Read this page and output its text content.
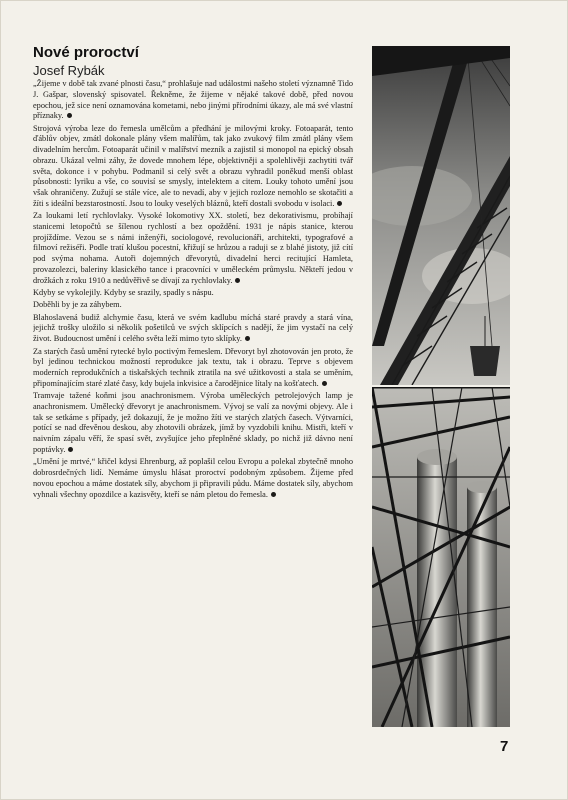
Nové proroctví

Josef Rybák

„Žijeme v době tak zvané plnosti času,“ prohlašuje nad událostmi našeho století významně Tido J. Gašpar, slovenský spisovatel. Řekněme, že žijeme v nějaké takové době, před novou epochou, jež sice není oznamována kometami, nebo jinými přírodními úkazy, ale má své vlastní příznaky.

Strojová výroba leze do řemesla umělcům a předhání je milovými kroky. Fotoaparát, tento ďáblův objev, zmátl dokonale plány všem malířům, tak jako zvukový film zmátl plány všem divadelním hercům. Fotoaparát učinil v malířství mezník a zajistil si monopol na epický obsah obrazu. Ukázal velmi záhy, že dovede mnohem lépe, objektivněji a spolehlivěji zachytiti tvář světa, dokonce i v pohybu. Podmanil si celý svět a obrazu vyhradil poněkud menší oblast působnosti: lyriku a vše, co souvisí se smysly, intelektem a citem. Louky tohoto umění jsou však ohraničeny. Zužují se stále více, ale to nevadí, aby v jejich rozloze nemohlo se skotačiti a žíti s ideální bezstarostností. Jsou to louky veselých bláznů, kteří dostali svobodu v isolaci.

Za loukami letí rychlovlaky. Vysoké lokomotivy XX. století, bez dekorativismu, probíhají stanicemi letopočtů se šílenou rychlostí a bez opoždění. 1931 je nápis stanice, kterou projíždíme. Vezou se s námi inženýři, sociologové, revolucionáři, architekti, typografové a filmoví režiséři. Podle tratí klušou pocestní, křižují se hrůzou a raduji se z blahé jistoty, již cítí pod svýma nohama. Autoři dojemných dřevorytů, divadelní herci recitující Hamleta, provazolezci, baleriny klasického tance i pracovníci v uměleckém průmyslu. Někteří jedou v drožkách z roku 1910 a nedůvěřivě se dívají za rychlovlaky.

Kdyby se vykolejily. Kdyby se srazily, spadly s náspu.

Doběhli by je za záhybem.

Blahoslavená budiž alchymie času, která ve svém kadlubu míchá staré pravdy a stará vína, jejichž trošky uložilo si několik pošetilců ve svých sklípcích s nadějí, že jim vystačí na celý život. Budoucnost umění i celého světa leží mimo tyto sklípky.

Za starých časů umění rytecké bylo poctivým řemeslem. Dřevoryt byl zhotovován jen proto, že byl jedinou technickou možností reprodukce jak textu, tak i obrazu. Teprve s objevem moderních reprodukčních a tiskařských technik ztratila na své užitkovosti a stala se uměním, připomínajícím staré zlaté časy, kdy bujela inkvisice a čarodějnice lítaly na košťatech.

Tramvaje tažené koňmi jsou anachronismem. Výroba uměleckých petrolejových lamp je anachronismem. Umělecký dřevoryt je anachronismem. Vývoj se valí za novými objevy. Ale i tak se setkáme s případy, jež dokazují, že je možno žíti ve starých zlatých časech. Výtvarníci, potící se nad dřevěnou deskou, aby zhotovili obrázek, jímž by vyzdobili knihu. Mistři, kteří v naivním zápalu věří, že spasí svět, zvyšujíce jeho přeplněné sklady, po nichž již dávno není poptávky.

„Umění je mrtvé,“ křičel kdysi Ehrenburg, až poplašil celou Evropu a polekal zbytečně mnoho dobrosrdečných lidí. Nemáme úmyslu hlásat proroctví podobným způsobem. Žijeme před novou epochou a máme dostatek síly, abychom ji připravili půdu. Máme dostatek síly, abychom vyhnali všechny opozdilce a kazisvěty, kteří se nám pletou do řemesla.

7
